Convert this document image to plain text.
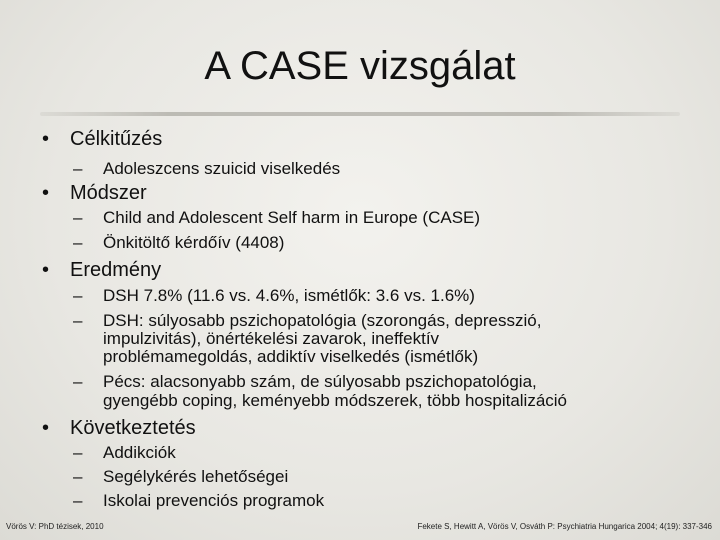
A CASE vizsgálat
• Célkitűzés
– Adoleszcens szuicid viselkedés
• Módszer
– Child and Adolescent Self harm in Europe (CASE)
– Önkitöltő kérdőív (4408)
• Eredmény
– DSH 7.8% (11.6 vs. 4.6%, ismétlők: 3.6 vs. 1.6%)
– DSH: súlyosabb pszichopatológia (szorongás, depresszió,
impulzivitás), önértékelési zavarok, ineffektív
problémamegoldás, addiktív viselkedés (ismétlők)
– Pécs: alacsonyabb szám, de súlyosabb pszichopatológia,
gyengébb coping, keményebb módszerek, több hospitalizáció
• Következtetés
– Addikciók
– Segélykérés lehetőségei
– Iskolai prevenciós programok
Vörös V: PhD tézisek, 2010	Fekete S, Hewitt A, Vörös V, Osváth P: Psychiatria Hungarica 2004; 4(19): 337-346
